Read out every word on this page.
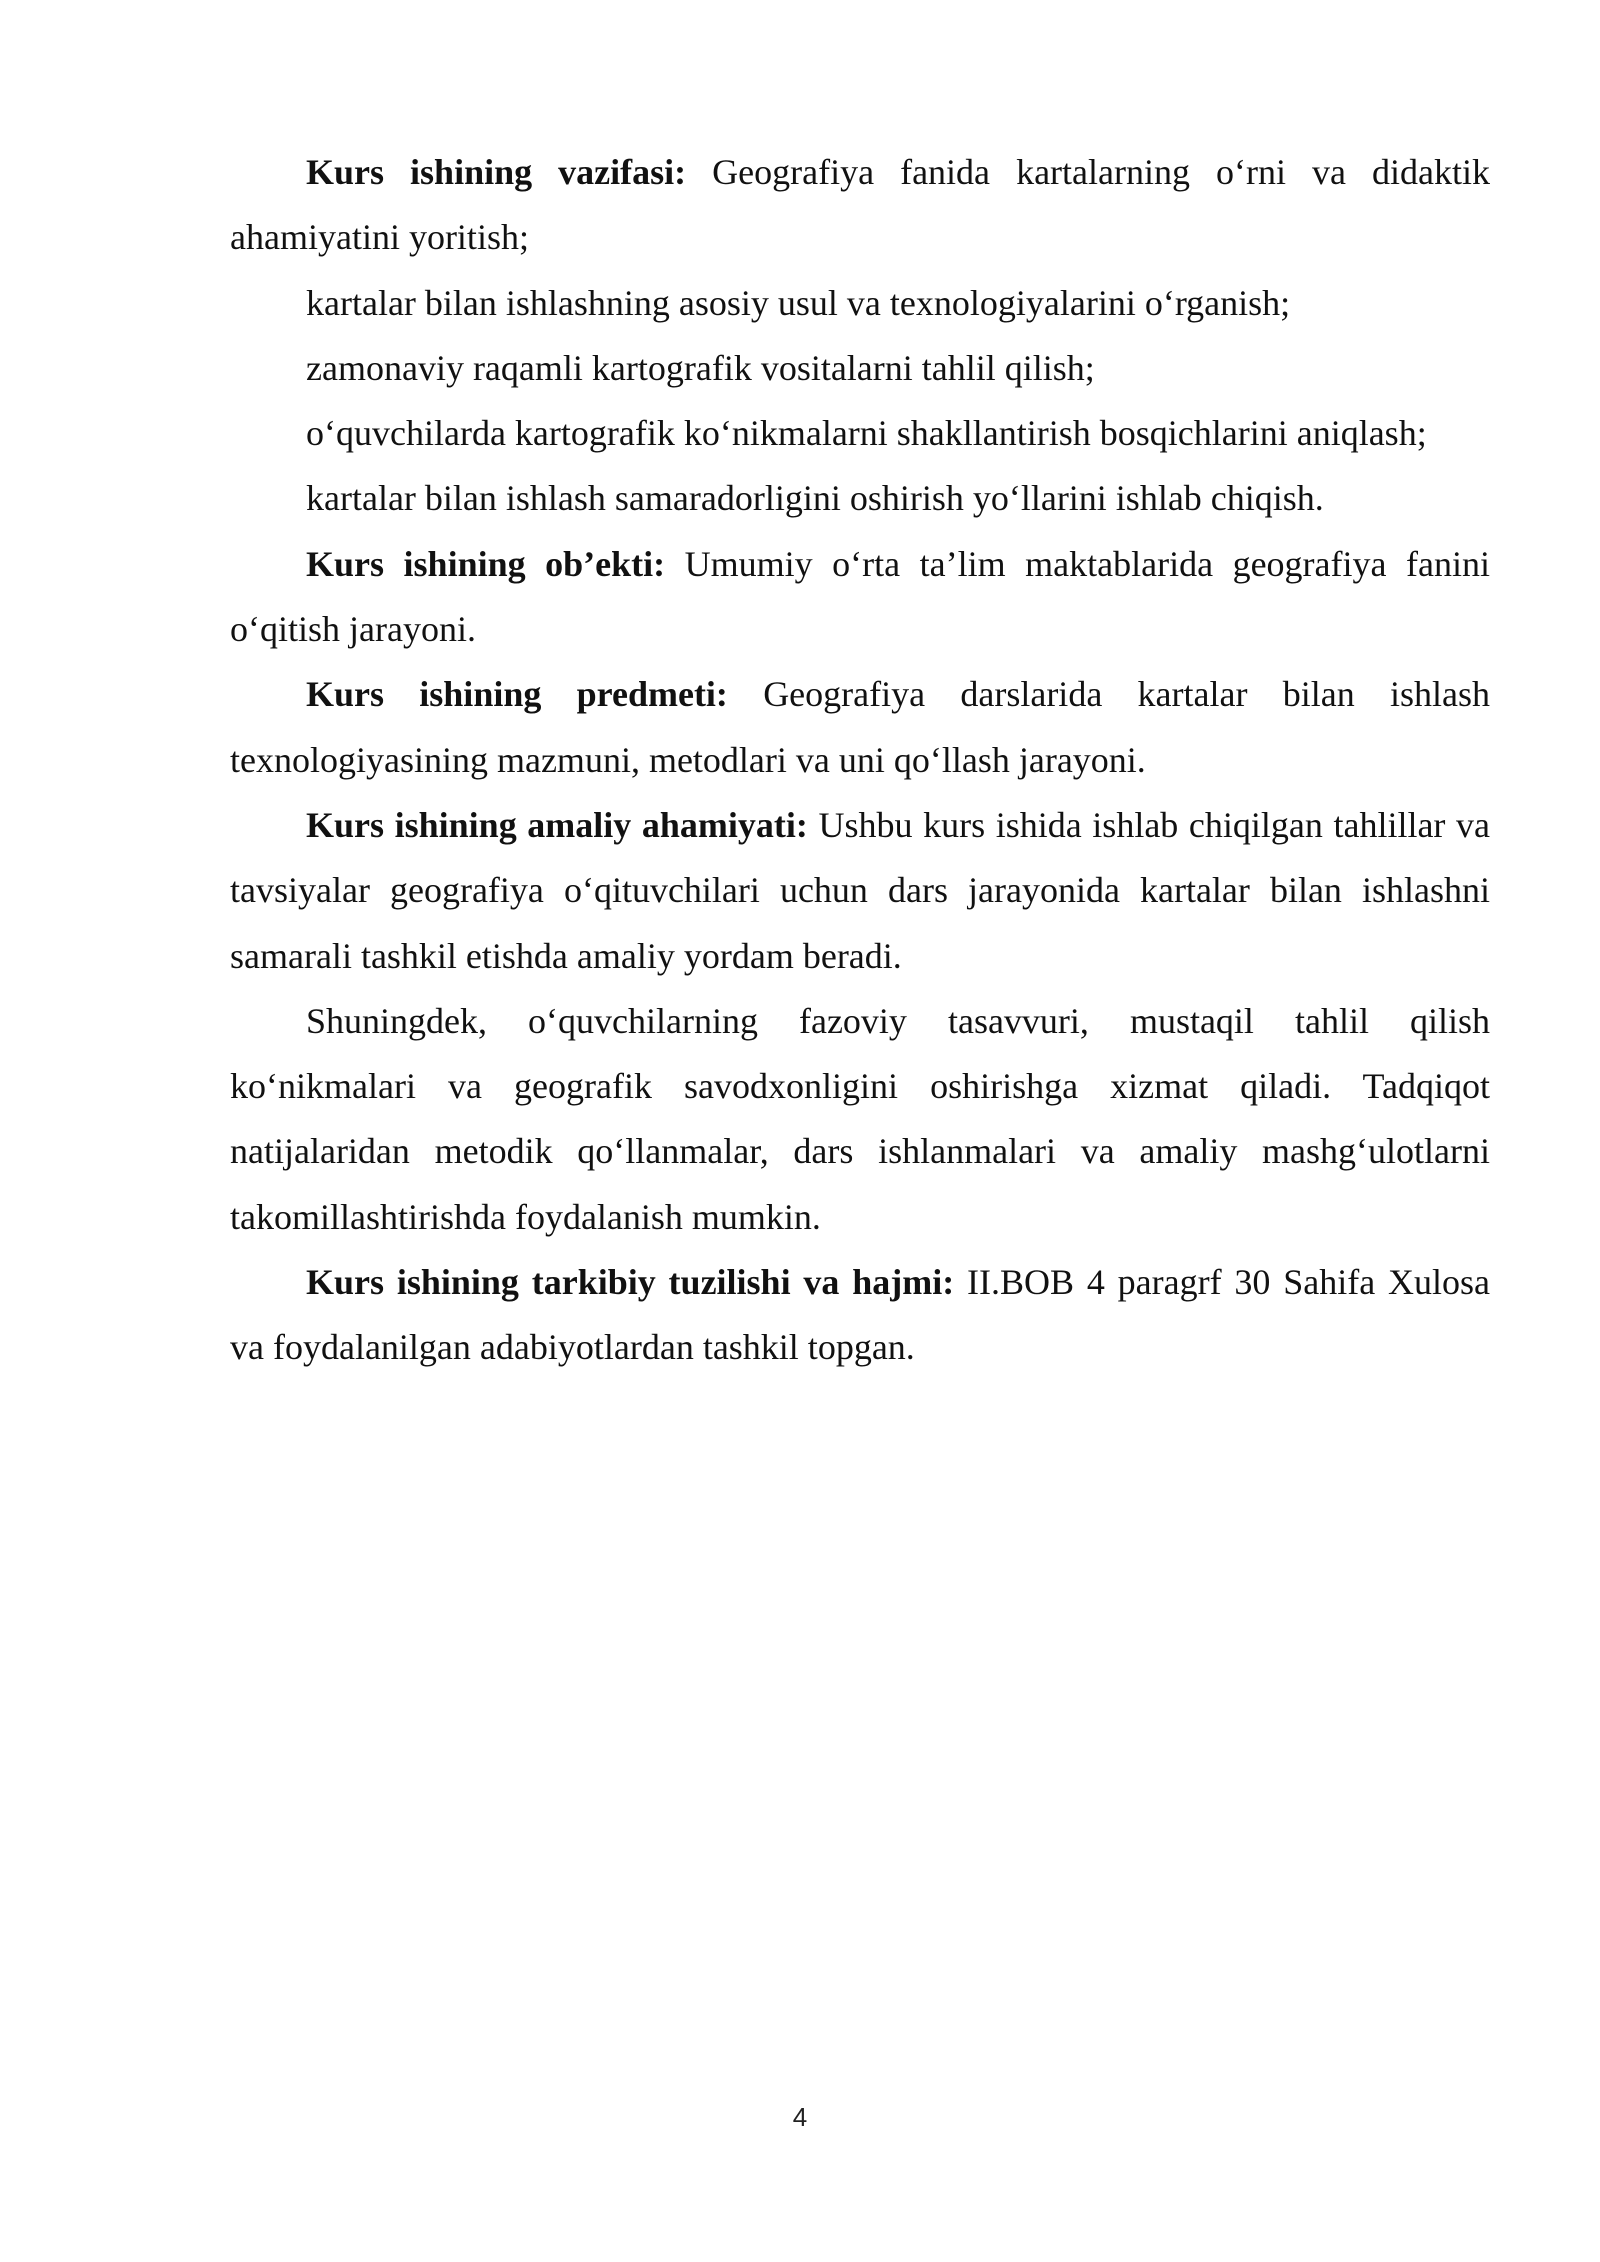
Kurs ishining vazifasi: Geografiya fanida kartalarning o‘rni va didaktik ahamiyatini yoritish;

kartalar bilan ishlashning asosiy usul va texnologiyalarini o‘rganish;

zamonaviy raqamli kartografik vositalarni tahlil qilish;

o‘quvchilarda kartografik ko‘nikmalarni shakllantirish bosqichlarini aniqlash;

kartalar bilan ishlash samaradorligini oshirish yo‘llarini ishlab chiqish.

Kurs ishining ob’ekti: Umumiy o‘rta ta’lim maktablarida geografiya fanini o‘qitish jarayoni.

Kurs ishining predmeti: Geografiya darslarida kartalar bilan ishlash texnologiyasining mazmuni, metodlari va uni qo‘llash jarayoni.

Kurs ishining amaliy ahamiyati: Ushbu kurs ishida ishlab chiqilgan tahlillar va tavsiyalar geografiya o‘qituvchilari uchun dars jarayonida kartalar bilan ishlashni samarali tashkil etishda amaliy yordam beradi.

Shuningdek, o‘quvchilarning fazoviy tasavvuri, mustaqil tahlil qilish ko‘nikmalari va geografik savodxonligini oshirishga xizmat qiladi. Tadqiqot natijalaridan metodik qo‘llanmalar, dars ishlanmalari va amaliy mashg‘ulotlarni takomillashtirishda foydalanish mumkin.

Kurs ishining tarkibiy tuzilishi va hajmi: II.BOB 4 paragrf 30 Sahifa Xulosa va foydalanilgan adabiyotlardan tashkil topgan.

4
